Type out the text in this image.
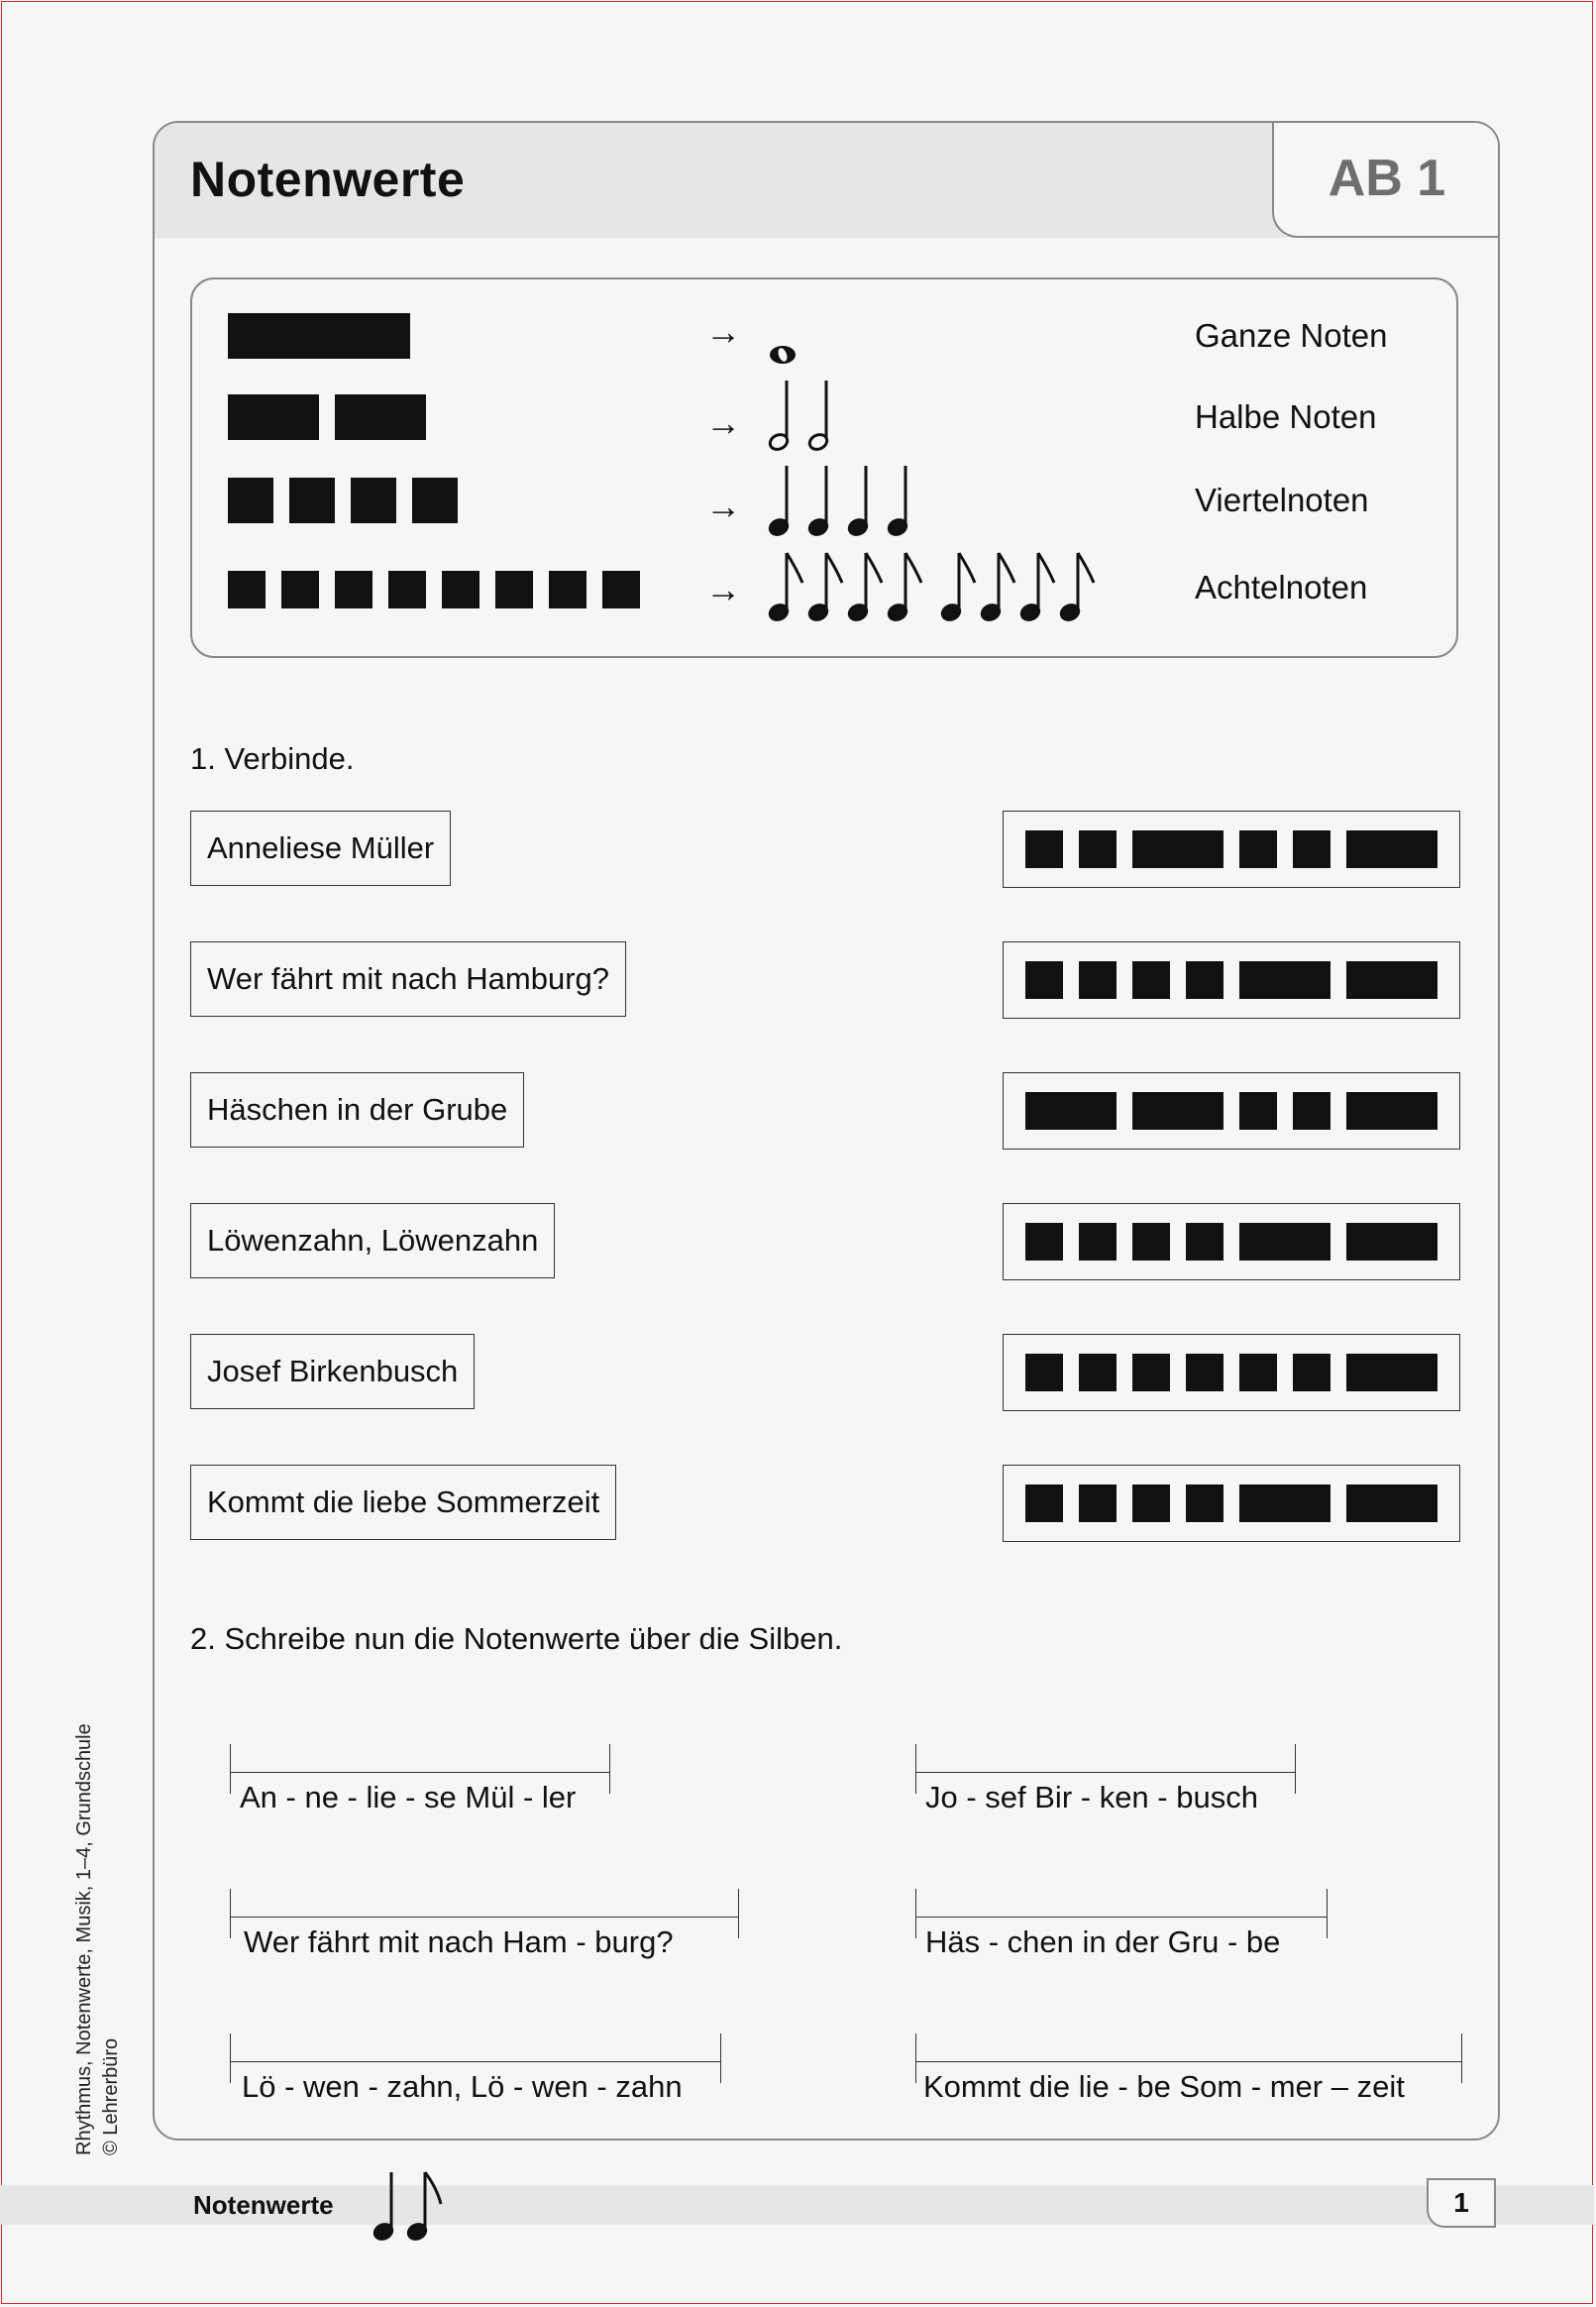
Notenwerte	AB 1
→	Ganze Noten
→	Halbe Noten
→	Viertelnoten
→	Achtelnoten
1. Verbinde.
Anneliese Müller
Wer fährt mit nach Hamburg?
Häschen in der Grube
Löwenzahn, Löwenzahn
Josef Birkenbusch
Kommt die liebe Sommerzeit
2. Schreibe nun die Notenwerte über die Silben.
An - ne - lie - se Mül - ler	Jo - sef Bir - ken - busch
Wer fährt mit nach Ham - burg?	Häs - chen in der Gru - be
Lö - wen - zahn, Lö - wen - zahn	Kommt die lie - be Som - mer – zeit
Rhythmus, Notenwerte, Musik, 1–4, Grundschule © Lehrerbüro
Notenwerte	1
